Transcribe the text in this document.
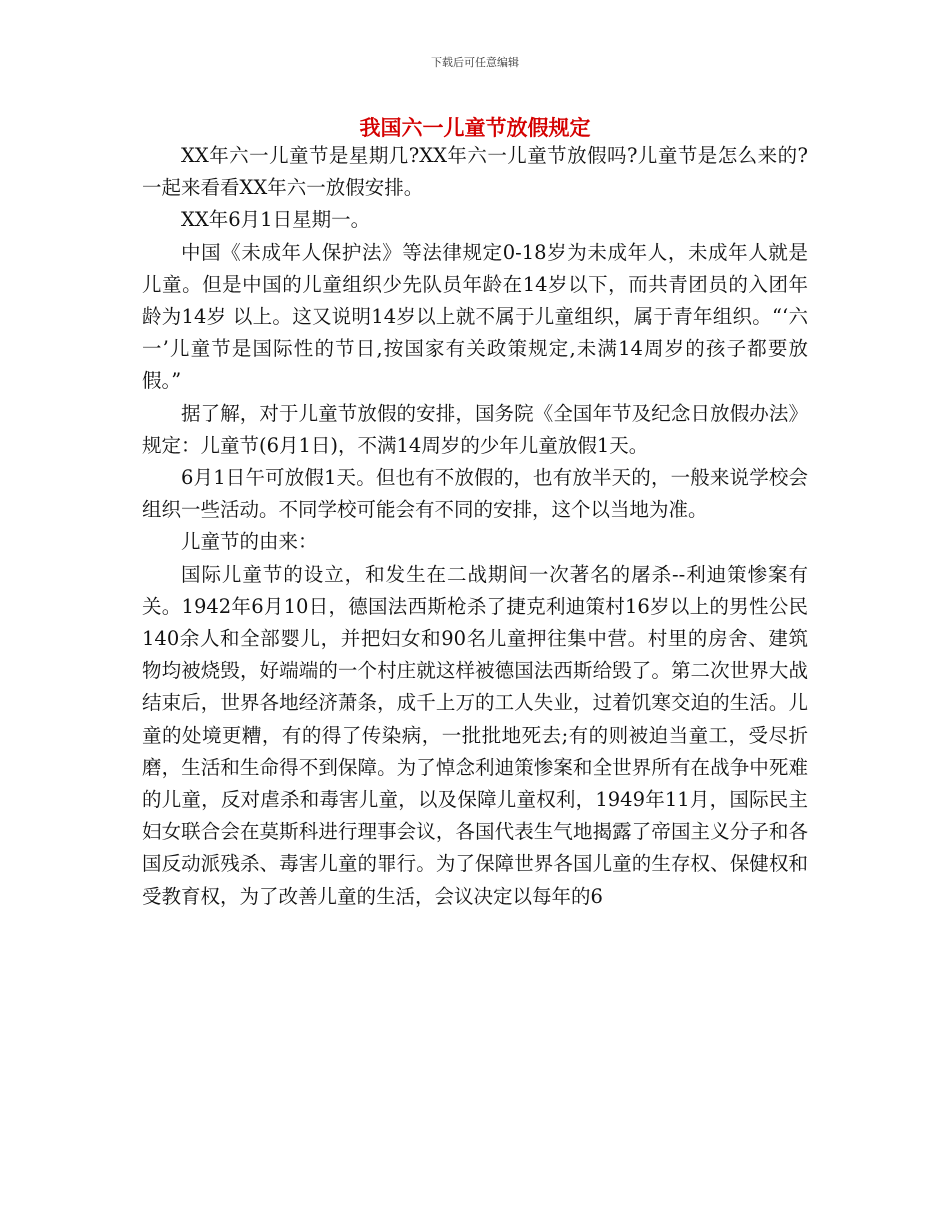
下载后可任意编辑
我国六一儿童节放假规定

XX年六一儿童节是星期几?XX年六一儿童节放假吗?儿童节是怎么来的?一起来看看XX年六一放假安排。

XX年6月1日星期一。

中国《未成年人保护法》等法律规定0-18岁为未成年人，未成年人就是儿童。但是中国的儿童组织少先队员年龄在14岁以下，而共青团员的入团年龄为14岁 以上。这又说明14岁以上就不属于儿童组织，属于青年组织。“‘六一’儿童节是国际性的节日,按国家有关政策规定,未满14周岁的孩子都要放假。”

据了解，对于儿童节放假的安排，国务院《全国年节及纪念日放假办法》规定：儿童节(6月1日)，不满14周岁的少年儿童放假1天。

6月1日午可放假1天。但也有不放假的，也有放半天的，一般来说学校会组织一些活动。不同学校可能会有不同的安排，这个以当地为准。

儿童节的由来：

国际儿童节的设立，和发生在二战期间一次著名的屠杀--利迪策惨案有关。1942年6月10日，德国法西斯枪杀了捷克利迪策村16岁以上的男性公民140余人和全部婴儿，并把妇女和90名儿童押往集中营。村里的房舍、建筑物均被烧毁，好端端的一个村庄就这样被德国法西斯给毁了。第二次世界大战结束后，世界各地经济萧条，成千上万的工人失业，过着饥寒交迫的生活。儿童的处境更糟，有的得了传染病，一批批地死去;有的则被迫当童工，受尽折磨，生活和生命得不到保障。为了悼念利迪策惨案和全世界所有在战争中死难的儿童，反对虐杀和毒害儿童，以及保障儿童权利，1949年11月，国际民主妇女联合会在莫斯科进行理事会议，各国代表生气地揭露了帝国主义分子和各国反动派残杀、毒害儿童的罪行。为了保障世界各国儿童的生存权、保健权和受教育权，为了改善儿童的生活，会议决定以每年的6
